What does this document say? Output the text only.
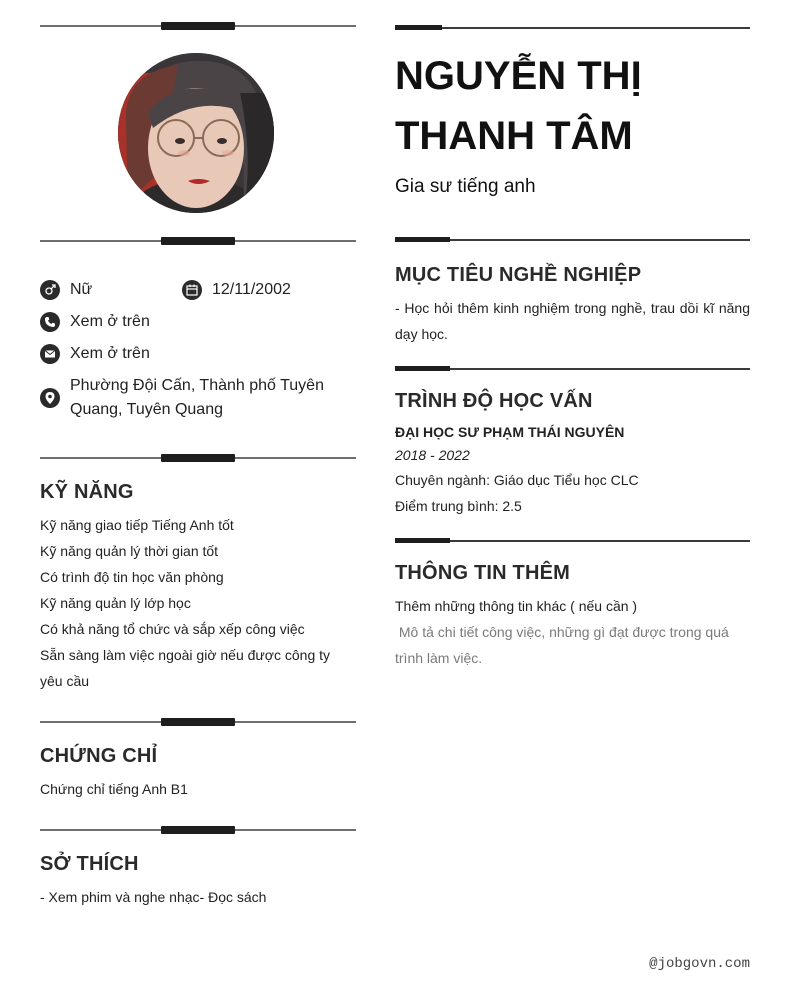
Nữ	12/11/2002
Xem ở trên
Xem ở trên
Phường Đội Cấn, Thành phố Tuyên Quang, Tuyên Quang
KỸ NĂNG
Kỹ năng giao tiếp Tiếng Anh tốt
Kỹ năng quản lý thời gian tốt
Có trình độ tin học văn phòng
Kỹ năng quản lý lớp học
Có khả năng tổ chức và sắp xếp công việc
Sẵn sàng làm việc ngoài giờ nếu được công ty yêu cầu
CHỨNG CHỈ
Chứng chỉ tiếng Anh B1
SỞ THÍCH
- Xem phim và nghe nhạc- Đọc sách
NGUYỄN THỊ
THANH TÂM
Gia sư tiếng anh
MỤC TIÊU NGHỀ NGHIỆP
- Học hỏi thêm kinh nghiệm trong nghề, trau dồi kĩ năng dạy học.
TRÌNH ĐỘ HỌC VẤN
ĐẠI HỌC SƯ PHẠM THÁI NGUYÊN
2018 - 2022
Chuyên ngành: Giáo dục Tiểu học CLC
Điểm trung bình: 2.5
THÔNG TIN THÊM
Thêm những thông tin khác ( nếu cần )
Mô tả chi tiết công việc, những gì đạt được trong quá trình làm việc.
@jobgovn.com
